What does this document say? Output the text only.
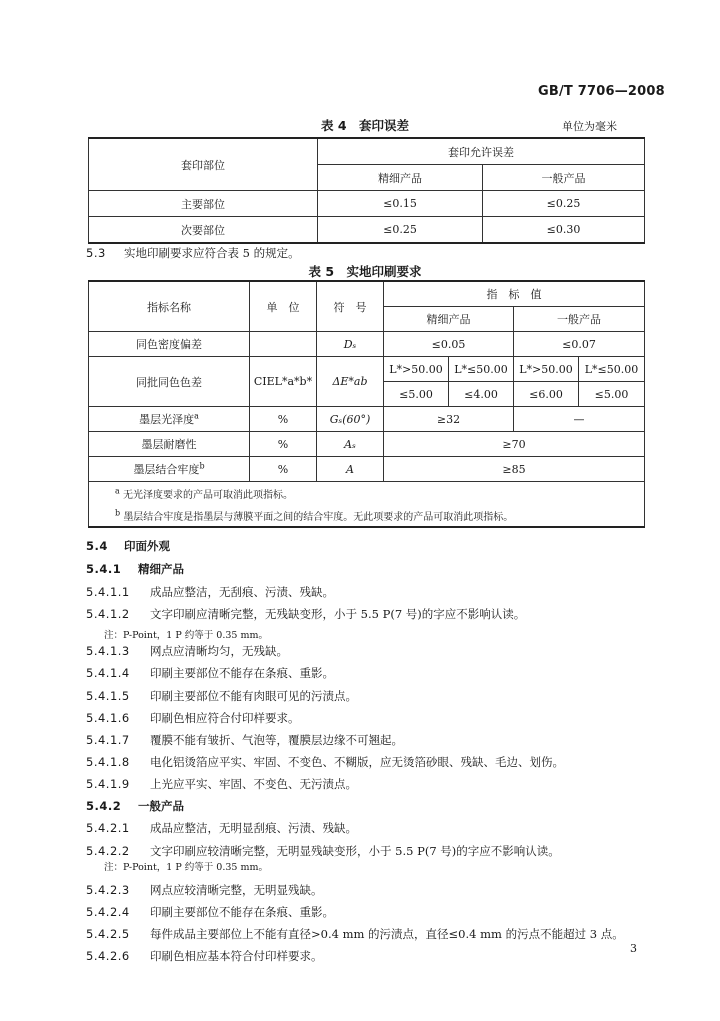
GB/T 7706—2008
表 4　套印误差	单位为毫米
套印部位	套印允许误差	
	精细产品	一般产品
主要部位	≤0.15	≤0.25
次要部位	≤0.25	≤0.30
5.3 实地印刷要求应符合表 5 的规定。
表 5　实地印刷要求
指标名称	单　位	符　号	指　标　值			
			精细产品		一般产品	
同色密度偏差		Dₛ	≤0.05		≤0.07	
同批同色色差	CIEL*a*b*	ΔE*ab	L*>50.00	L*≤50.00	L*>50.00	L*≤50.00
			≤5.00	≤4.00	≤6.00	≤5.00
墨层光泽度$^a$	%	Gₛ(60°)	≥32		—	
墨层耐磨性	%	Aₛ	≥70			
墨层结合牢度$^b$	%	A	≥85			
$^a$ 无光泽度要求的产品可取消此项指标。						
$^b$ 墨层结合牢度是指墨层与薄膜平面之间的结合牢度。无此项要求的产品可取消此项指标。						
5.4 印面外观
5.4.1 精细产品
5.4.1.1 成品应整洁，无刮痕、污渍、残缺。
5.4.1.2 文字印刷应清晰完整，无残缺变形，小于 5.5 P(7 号)的字应不影响认读。
注：P-Point，1 P 约等于 0.35 mm。
5.4.1.3 网点应清晰均匀，无残缺。
5.4.1.4 印刷主要部位不能存在条痕、重影。
5.4.1.5 印刷主要部位不能有肉眼可见的污渍点。
5.4.1.6 印刷色相应符合付印样要求。
5.4.1.7 覆膜不能有皱折、气泡等，覆膜层边缘不可翘起。
5.4.1.8 电化铝烫箔应平实、牢固、不变色、不糊版，应无烫箔砂眼、残缺、毛边、划伤。
5.4.1.9 上光应平实、牢固、不变色、无污渍点。
5.4.2 一般产品
5.4.2.1 成品应整洁，无明显刮痕、污渍、残缺。
5.4.2.2 文字印刷应较清晰完整，无明显残缺变形，小于 5.5 P(7 号)的字应不影响认读。
注：P-Point，1 P 约等于 0.35 mm。
5.4.2.3 网点应较清晰完整，无明显残缺。
5.4.2.4 印刷主要部位不能存在条痕、重影。
5.4.2.5 每件成品主要部位上不能有直径>0.4 mm 的污渍点，直径≤0.4 mm 的污点不能超过 3 点。
5.4.2.6 印刷色相应基本符合付印样要求。
3
